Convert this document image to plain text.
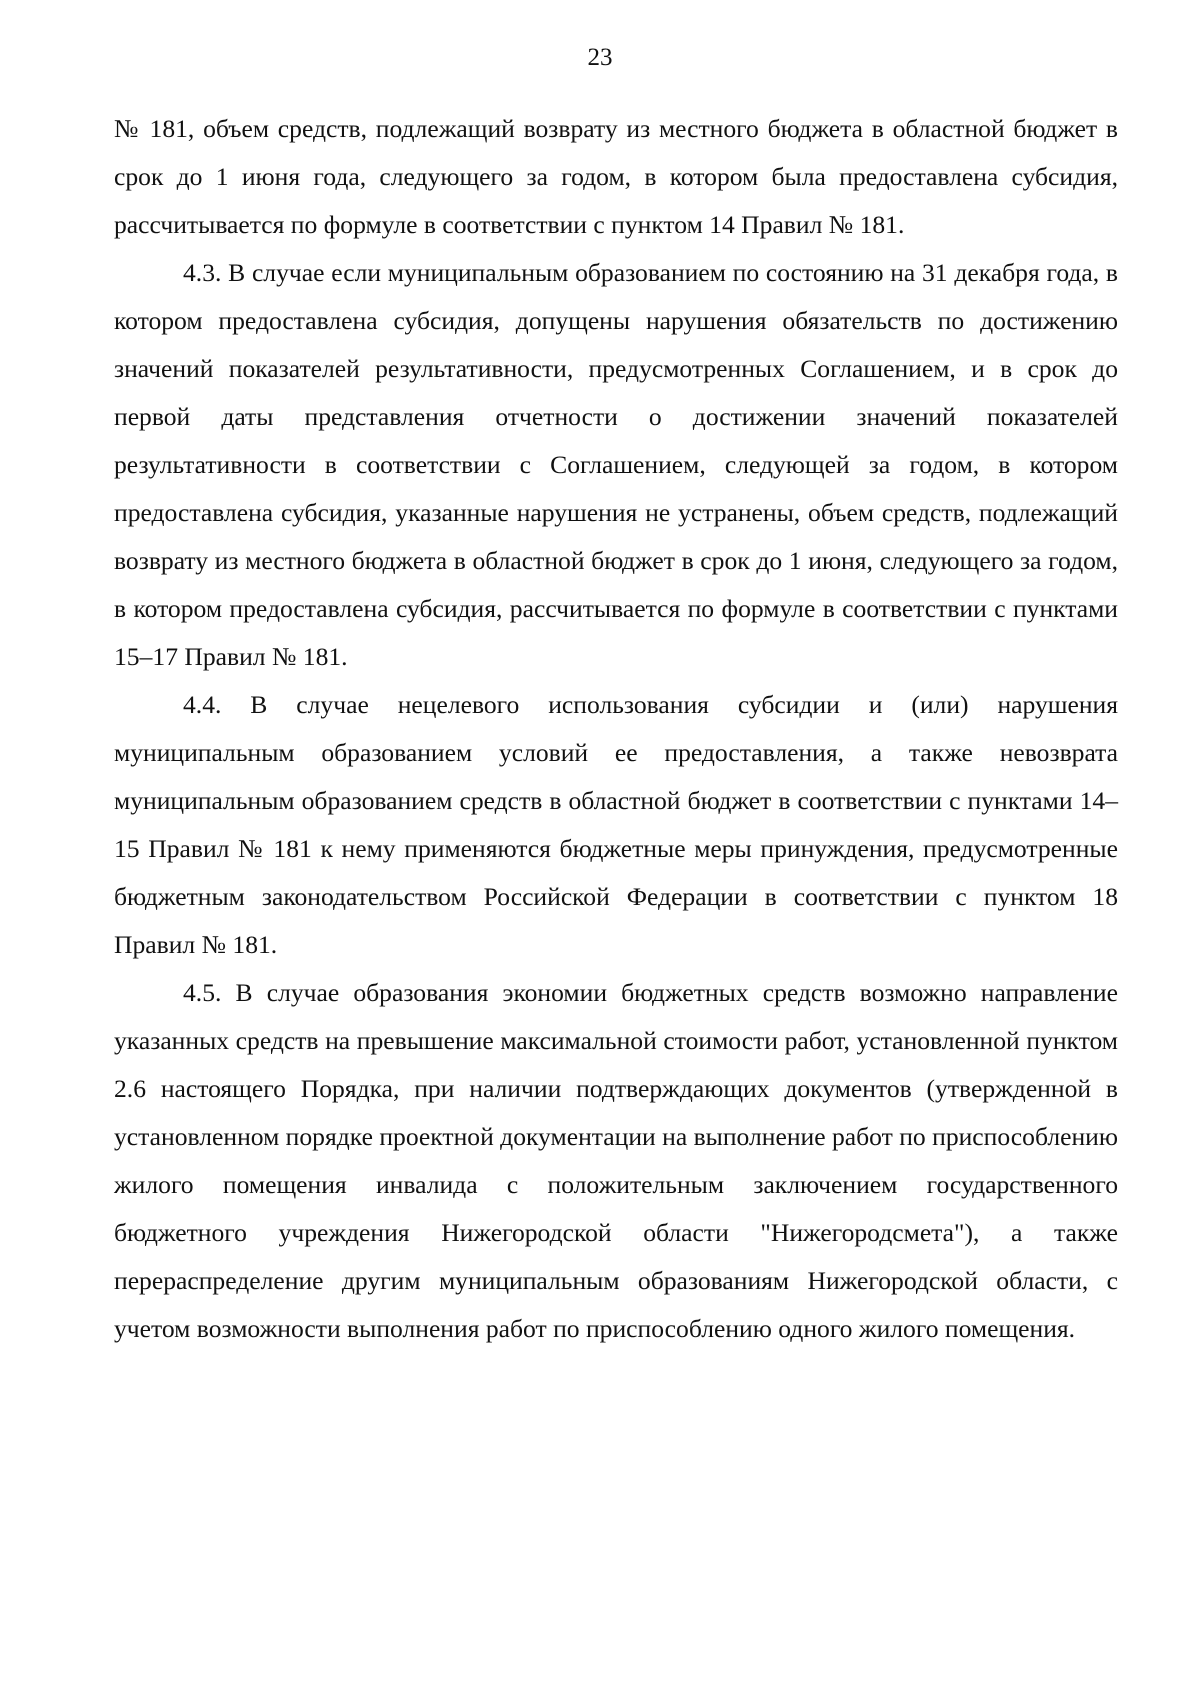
23

№ 181, объем средств, подлежащий возврату из местного бюджета в областной бюджет в срок до 1 июня года, следующего за годом, в котором была предоставлена субсидия, рассчитывается по формуле в соответствии с пунктом 14 Правил № 181.

4.3. В случае если муниципальным образованием по состоянию на 31 декабря года, в котором предоставлена субсидия, допущены нарушения обязательств по достижению значений показателей результативности, предусмотренных Соглашением, и в срок до первой даты представления отчетности о достижении значений показателей результативности в соответствии с Соглашением, следующей за годом, в котором предоставлена субсидия, указанные нарушения не устранены, объем средств, подлежащий возврату из местного бюджета в областной бюджет в срок до 1 июня, следующего за годом, в котором предоставлена субсидия, рассчитывается по формуле в соответствии с пунктами 15–17 Правил № 181.

4.4. В случае нецелевого использования субсидии и (или) нарушения муниципальным образованием условий ее предоставления, а также невозврата муниципальным образованием средств в областной бюджет в соответствии с пунктами 14–15 Правил № 181 к нему применяются бюджетные меры принуждения, предусмотренные бюджетным законодательством Российской Федерации в соответствии с пунктом 18 Правил № 181.

4.5. В случае образования экономии бюджетных средств возможно направление указанных средств на превышение максимальной стоимости работ, установленной пунктом 2.6 настоящего Порядка, при наличии подтверждающих документов (утвержденной в установленном порядке проектной документации на выполнение работ по приспособлению жилого помещения инвалида с положительным заключением государственного бюджетного учреждения Нижегородской области "Нижегородсмета"), а также перераспределение другим муниципальным образованиям Нижегородской области, с учетом возможности выполнения работ по приспособлению одного жилого помещения.
